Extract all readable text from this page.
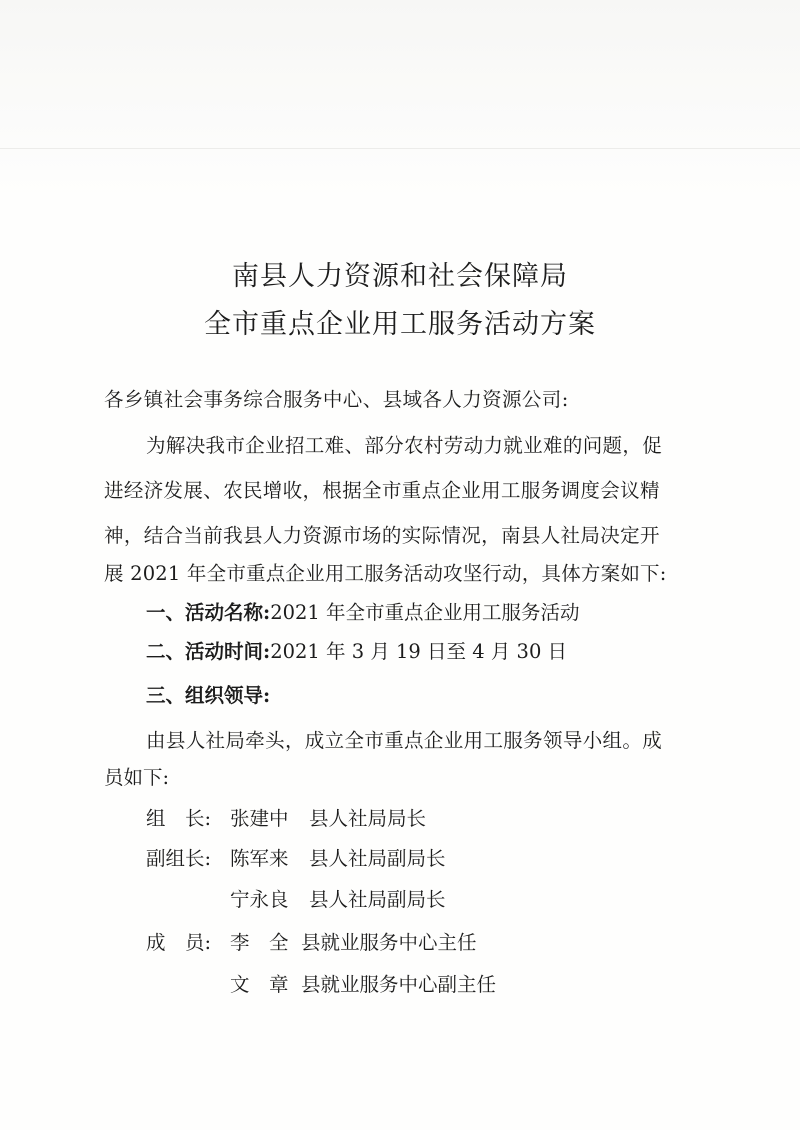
南县人力资源和社会保障局
全市重点企业用工服务活动方案

各乡镇社会事务综合服务中心、县域各人力资源公司:

为解决我市企业招工难、部分农村劳动力就业难的问题，促

进经济发展、农民增收，根据全市重点企业用工服务调度会议精

神，结合当前我县人力资源市场的实际情况，南县人社局决定开

展 2021 年全市重点企业用工服务活动攻坚行动，具体方案如下:

一、活动名称:2021 年全市重点企业用工服务活动

二、活动时间:2021 年 3 月 19 日至 4 月 30 日

三、组织领导:

由县人社局牵头，成立全市重点企业用工服务领导小组。成

员如下:

组　长: 张建中	县人社局局长
副组长: 陈军来	县人社局副局长
宁永良	县人社局副局长
成　员: 李　全 县就业服务中心主任
文　章 县就业服务中心副主任
